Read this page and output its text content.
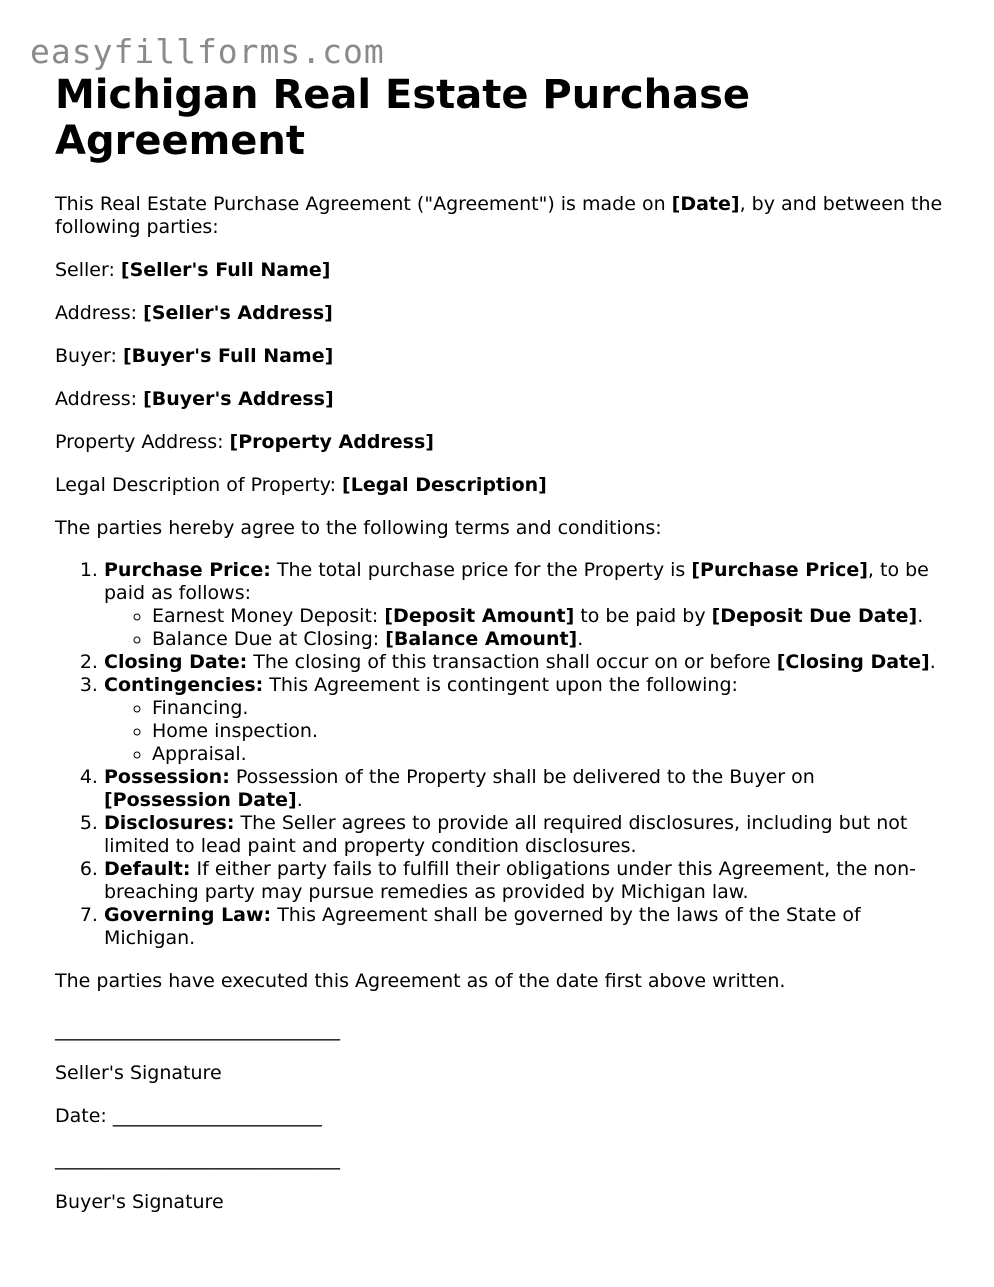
easyfillforms.com
Michigan Real Estate Purchase Agreement

This Real Estate Purchase Agreement ("Agreement") is made on [Date], by and between the following parties:

Seller: [Seller's Full Name]

Address: [Seller's Address]

Buyer: [Buyer's Full Name]

Address: [Buyer's Address]

Property Address: [Property Address]

Legal Description of Property: [Legal Description]

The parties hereby agree to the following terms and conditions:

1. Purchase Price: The total purchase price for the Property is [Purchase Price], to be paid as follows:
◦ Earnest Money Deposit: [Deposit Amount] to be paid by [Deposit Due Date].
◦ Balance Due at Closing: [Balance Amount].
2. Closing Date: The closing of this transaction shall occur on or before [Closing Date].
3. Contingencies: This Agreement is contingent upon the following:
◦ Financing.
◦ Home inspection.
◦ Appraisal.
4. Possession: Possession of the Property shall be delivered to the Buyer on [Possession Date].
5. Disclosures: The Seller agrees to provide all required disclosures, including but not limited to lead paint and property condition disclosures.
6. Default: If either party fails to fulfill their obligations under this Agreement, the non-breaching party may pursue remedies as provided by Michigan law.
7. Governing Law: This Agreement shall be governed by the laws of the State of Michigan.

The parties have executed this Agreement as of the date first above written.

______________________________

Seller's Signature

Date: ______________________

______________________________

Buyer's Signature
